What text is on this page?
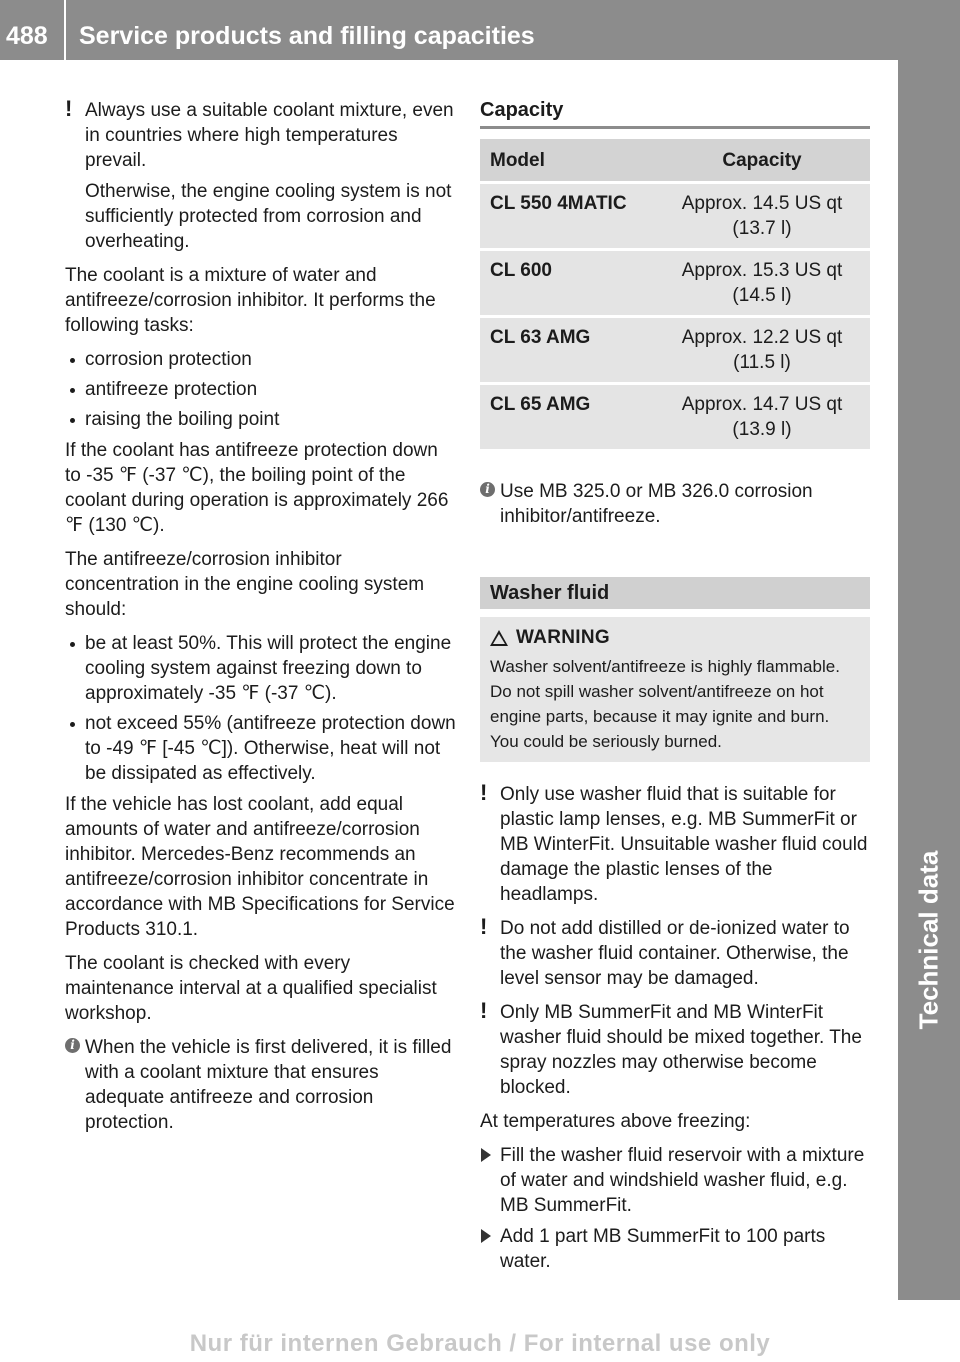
488 Service products and filling capacities
Technical data
! Always use a suitable coolant mixture, even in countries where high temperatures prevail.

Otherwise, the engine cooling system is not sufficiently protected from corrosion and overheating.

The coolant is a mixture of water and antifreeze/corrosion inhibitor. It performs the following tasks:

corrosion protection
antifreeze protection
raising the boiling point

If the coolant has antifreeze protection down to -35 ℉ (-37 ℃), the boiling point of the coolant during operation is approximately 266 ℉ (130 ℃).

The antifreeze/corrosion inhibitor concentration in the engine cooling system should:

be at least 50%. This will protect the engine cooling system against freezing down to approximately -35 ℉ (-37 ℃).
not exceed 55% (antifreeze protection down to -49 ℉ [-45 ℃]). Otherwise, heat will not be dissipated as effectively.

If the vehicle has lost coolant, add equal amounts of water and antifreeze/corrosion inhibitor. Mercedes-Benz recommends an antifreeze/corrosion inhibitor concentrate in accordance with MB Specifications for Service Products 310.1.

The coolant is checked with every maintenance interval at a qualified specialist workshop.

i When the vehicle is first delivered, it is filled with a coolant mixture that ensures adequate antifreeze and corrosion protection.
Capacity
Model	Capacity
CL 550 4MATIC	Approx. 14.5 US qt
(13.7 l)
CL 600	Approx. 15.3 US qt
(14.5 l)
CL 63 AMG	Approx. 12.2 US qt
(11.5 l)
CL 65 AMG	Approx. 14.7 US qt
(13.9 l)
i Use MB 325.0 or MB 326.0 corrosion inhibitor/antifreeze.
Washer fluid
WARNING
Washer solvent/antifreeze is highly flammable. Do not spill washer solvent/antifreeze on hot engine parts, because it may ignite and burn. You could be seriously burned.
! Only use washer fluid that is suitable for plastic lamp lenses, e.g. MB SummerFit or MB WinterFit. Unsuitable washer fluid could damage the plastic lenses of the headlamps.

! Do not add distilled or de-ionized water to the washer fluid container. Otherwise, the level sensor may be damaged.

! Only MB SummerFit and MB WinterFit washer fluid should be mixed together. The spray nozzles may otherwise become blocked.

At temperatures above freezing:

Fill the washer fluid reservoir with a mixture of water and windshield washer fluid, e.g. MB SummerFit.
Add 1 part MB SummerFit to 100 parts water.
Nur für internen Gebrauch / For internal use only
